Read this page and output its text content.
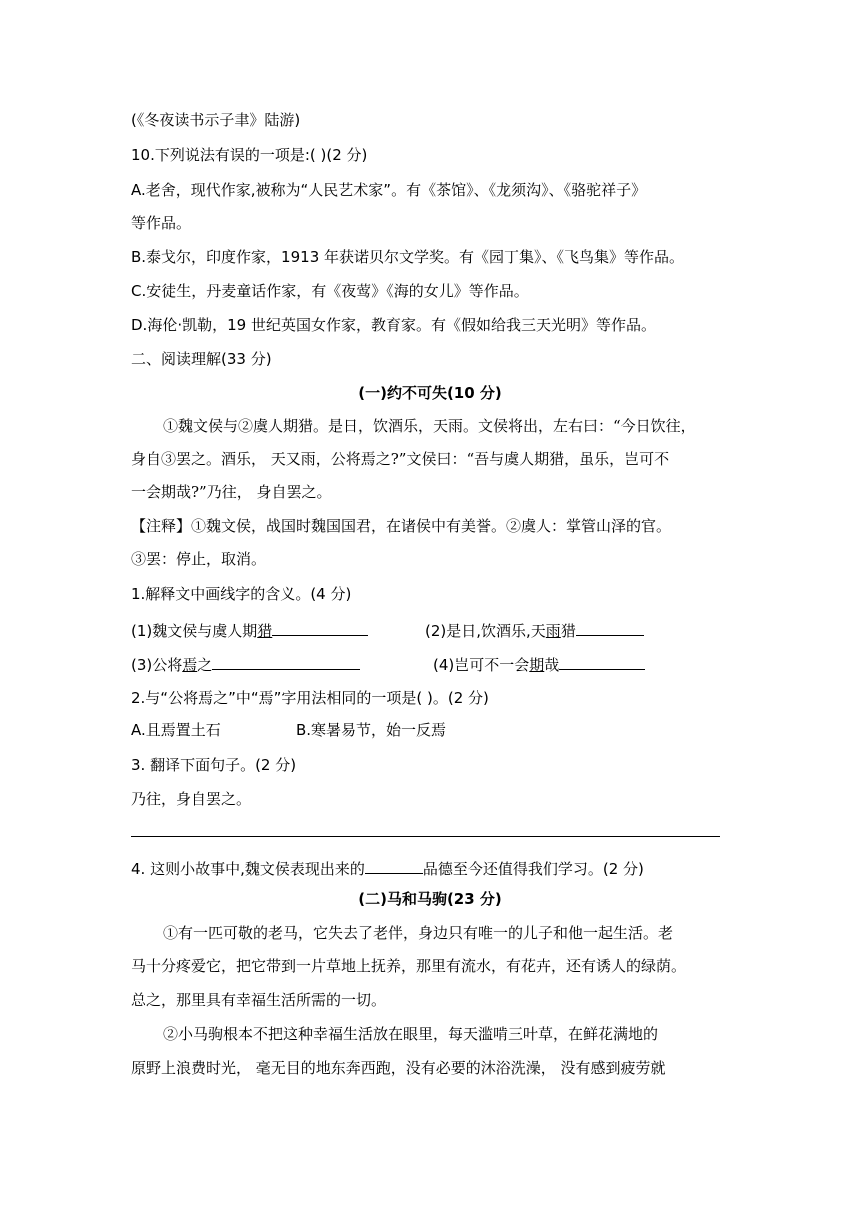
(《冬夜读书示子聿》陆游)
10.下列说法有误的一项是:( )(2 分)
A.老舍，现代作家,被称为“人民艺术家”。有《茶馆》、《龙须沟》、《骆驼祥子》
等作品。
B.泰戈尔，印度作家，1913 年获诺贝尔文学奖。有《园丁集》、《飞鸟集》等作品。
C.安徒生，丹麦童话作家，有《夜莺》《海的女儿》等作品。
D.海伦·凯勒，19 世纪英国女作家，教育家。有《假如给我三天光明》等作品。
二、阅读理解(33 分)
(一)约不可失(10 分)
①魏文侯与②虞人期猎。是日，饮酒乐，天雨。文侯将出，左右曰：“今日饮往，
身自③罢之。酒乐， 天又雨，公将焉之?”文侯曰：“吾与虞人期猎，虽乐，岂可不
一会期哉?”乃往， 身自罢之。
【注释】①魏文侯，战国时魏国国君，在诸侯中有美誉。②虞人：掌管山泽的官。
③罢：停止，取消。
1.解释文中画线字的含义。(4 分)
(1)魏文侯与虞人期猎	(2)是日,饮酒乐,天雨猎
(3)公将焉之	(4)岂可不一会期哉
2.与“公将焉之”中“焉”字用法相同的一项是( )。(2 分)
A.且焉置土石	B.寒暑易节，始一反焉
3. 翻译下面句子。(2 分)
乃往，身自罢之。
4. 这则小故事中,魏文侯表现出来的	品德至今还值得我们学习。(2 分)
(二)马和马驹(23 分)
①有一匹可敬的老马，它失去了老伴，身边只有唯一的儿子和他一起生活。老
马十分疼爱它，把它带到一片草地上抚养，那里有流水，有花卉，还有诱人的绿荫。
总之，那里具有幸福生活所需的一切。
②小马驹根本不把这种幸福生活放在眼里，每天滥啃三叶草，在鲜花满地的
原野上浪费时光， 毫无目的地东奔西跑，没有必要的沐浴洗澡， 没有感到疲劳就
